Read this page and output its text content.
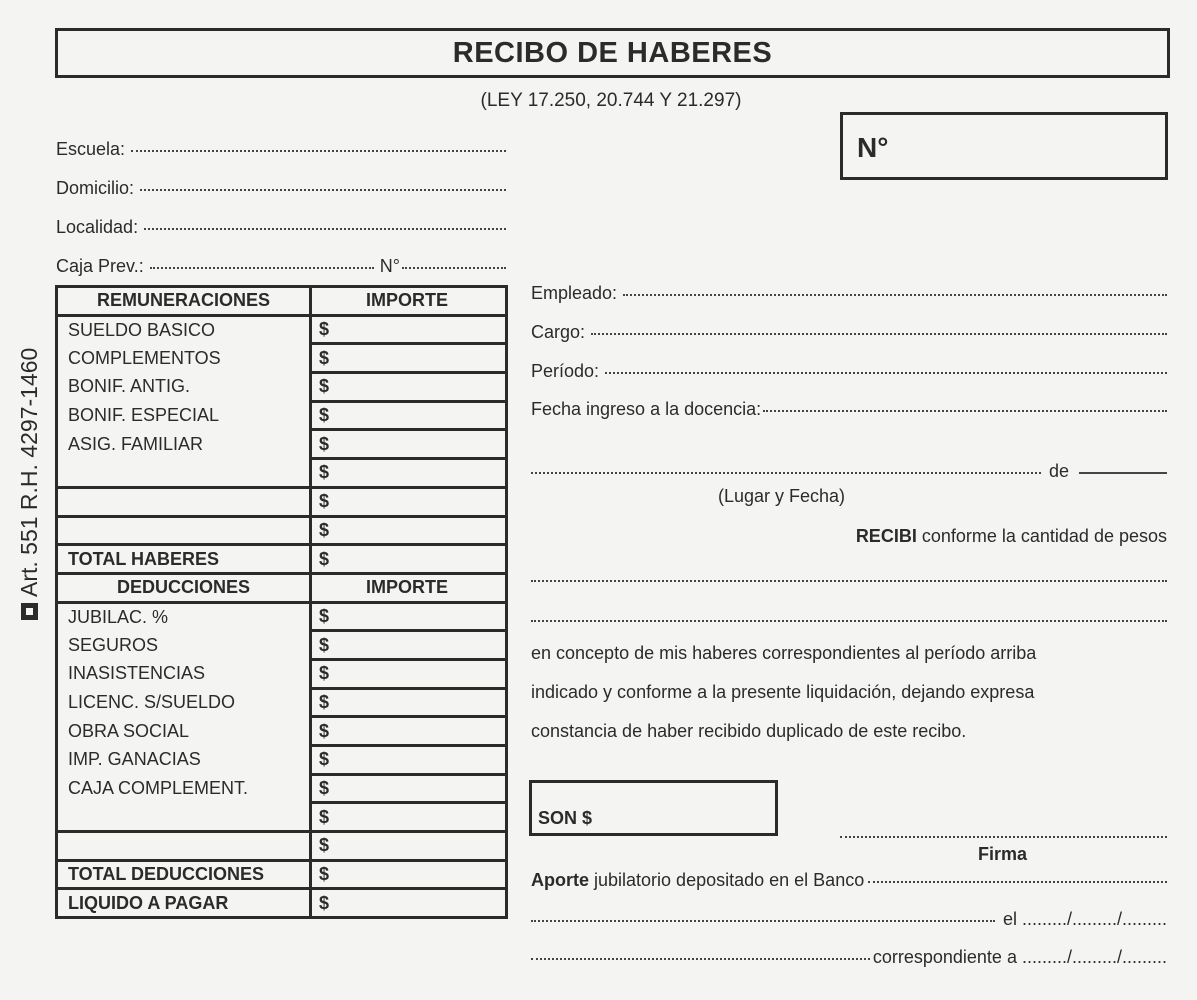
RECIBO DE HABERES
(LEY 17.250, 20.744 Y 21.297)
N°
Art. 551 R.H. 4297-1460
Escuela:
Domicilio:
Localidad:
Caja Prev.:	N°
REMUNERACIONES	IMPORTE
SUELDO BASICO	$
COMPLEMENTOS	$
BONIF. ANTIG.	$
BONIF. ESPECIAL	$
ASIG. FAMILIAR	$
	$
	$
	$
TOTAL HABERES	$
DEDUCCIONES	IMPORTE
JUBILAC. %	$
SEGUROS	$
INASISTENCIAS	$
LICENC. S/SUELDO	$
OBRA SOCIAL	$
IMP. GANACIAS	$
CAJA COMPLEMENT.	$
	$
	$
TOTAL DEDUCCIONES	$
LIQUIDO A PAGAR	$
Empleado:
Cargo:
Período:
Fecha ingreso a la docencia:
de
(Lugar y Fecha)
RECIBI conforme la cantidad de pesos
en concepto de mis haberes correspondientes al período arriba
indicado y conforme a la presente liquidación, dejando expresa
constancia de haber recibido duplicado de este recibo.
SON $
Firma
Aporte
jubilatorio depositado en el Banco
el ........./........./.........
correspondiente a ........./........./.........
